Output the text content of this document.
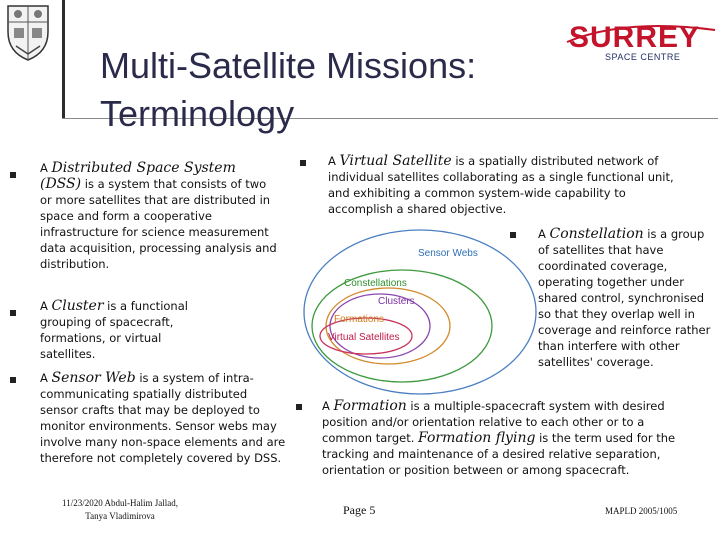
Multi-Satellite Missions:
Terminology
SURREY
SPACE CENTRE
A Distributed Space System (DSS) is a system that consists of two or more satellites that are distributed in space and form a cooperative infrastructure for science measurement data acquisition, processing analysis and distribution.
A Cluster is a functional grouping of spacecraft, formations, or virtual satellites.
A Sensor Web is a system of intra-communicating spatially distributed sensor crafts that may be deployed to monitor environments. Sensor webs may involve many non-space elements and are therefore not completely covered by DSS.
A Virtual Satellite is a spatially distributed network of individual satellites collaborating as a single functional unit, and exhibiting a common system-wide capability to accomplish a shared objective.
A Constellation is a group of satellites that have coordinated coverage, operating together under shared control, synchronised so that they overlap well in coverage and reinforce rather than interfere with other satellites' coverage.
A Formation is a multiple-spacecraft system with desired position and/or orientation relative to each other or to a common target. Formation flying is the term used for the tracking and maintenance of a desired relative separation, orientation or position between or among spacecraft.
Sensor Webs
Constellations
Clusters
Formations
Virtual Satellites
11/23/2020 Abdul-Halim Jallad,
Tanya Vladimirova	Page 5	MAPLD 2005/1005
